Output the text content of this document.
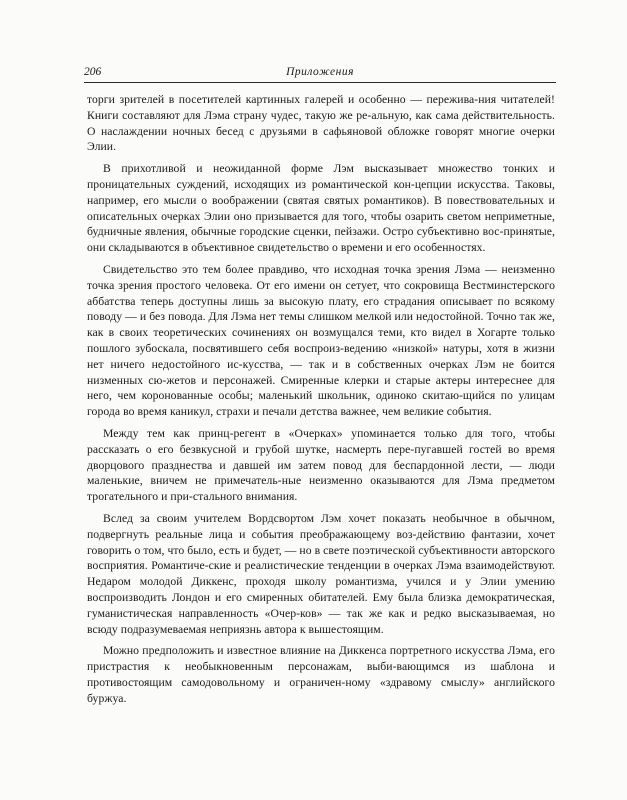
206	Приложения

торги зрителей в посетителей картинных галерей и особенно — пережива-ния читателей! Книги составляют для Лэма страну чудес, такую же ре-альную, как сама действительность. О наслаждении ночных бесед с друзьями в сафьяновой обложке говорят многие очерки Элии.

В прихотливой и неожиданной форме Лэм высказывает множество тонких и проницательных суждений, исходящих из романтической кон-цепции искусства. Таковы, например, его мысли о воображении (святая святых романтиков). В повествовательных и описательных очерках Элии оно призывается для того, чтобы озарить светом неприметные, будничные явления, обычные городские сценки, пейзажи. Остро субъективно вос-принятые, они складываются в объективное свидетельство о времени и его особенностях.

Свидетельство это тем более правдиво, что исходная точка зрения Лэма — неизменно точка зрения простого человека. От его имени он сетует, что сокровища Вестминстерского аббатства теперь доступны лишь за высокую плату, его страдания описывает по всякому поводу — и без повода. Для Лэма нет темы слишком мелкой или недостойной. Точно так же, как в своих теоретических сочинениях он возмущался теми, кто видел в Хогарте только пошлого зубоскала, посвятившего себя воспроиз-ведению «низкой» натуры, хотя в жизни нет ничего недостойного ис-кусства, — так и в собственных очерках Лэм не боится низменных сю-жетов и персонажей. Смиренные клерки и старые актеры интереснее для него, чем коронованные особы; маленький школьник, одиноко скитаю-щийся по улицам города во время каникул, страхи и печали детства важнее, чем великие события.

Между тем как принц-регент в «Очерках» упоминается только для того, чтобы рассказать о его безвкусной и грубой шутке, насмерть пере-пугавшей гостей во время дворцового празднества и давшей им затем повод для беспардонной лести, — люди маленькие, вничем не примечатель-ные неизменно оказываются для Лэма предметом трогательного и при-стального внимания.

Вслед за своим учителем Вордсвортом Лэм хочет показать необычное в обычном, подвергнуть реальные лица и события преображающему воз-действию фантазии, хочет говорить о том, что было, есть и будет, — но в свете поэтической субъективности авторского восприятия. Романтиче-ские и реалистические тенденции в очерках Лэма взаимодействуют. Недаром молодой Диккенс, проходя школу романтизма, учился и у Элии умению воспроизводить Лондон и его смиренных обитателей. Ему была близка демократическая, гуманистическая направленность «Очер-ков» — так же как и редко высказываемая, но всюду подразумеваемая неприязнь автора к вышестоящим.

Можно предположить и известное влияние на Диккенса портретного искусства Лэма, его пристрастия к необыкновенным персонажам, выби-вающимся из шаблона и противостоящим самодовольному и ограничен-ному «здравому смыслу» английского буржуа.
